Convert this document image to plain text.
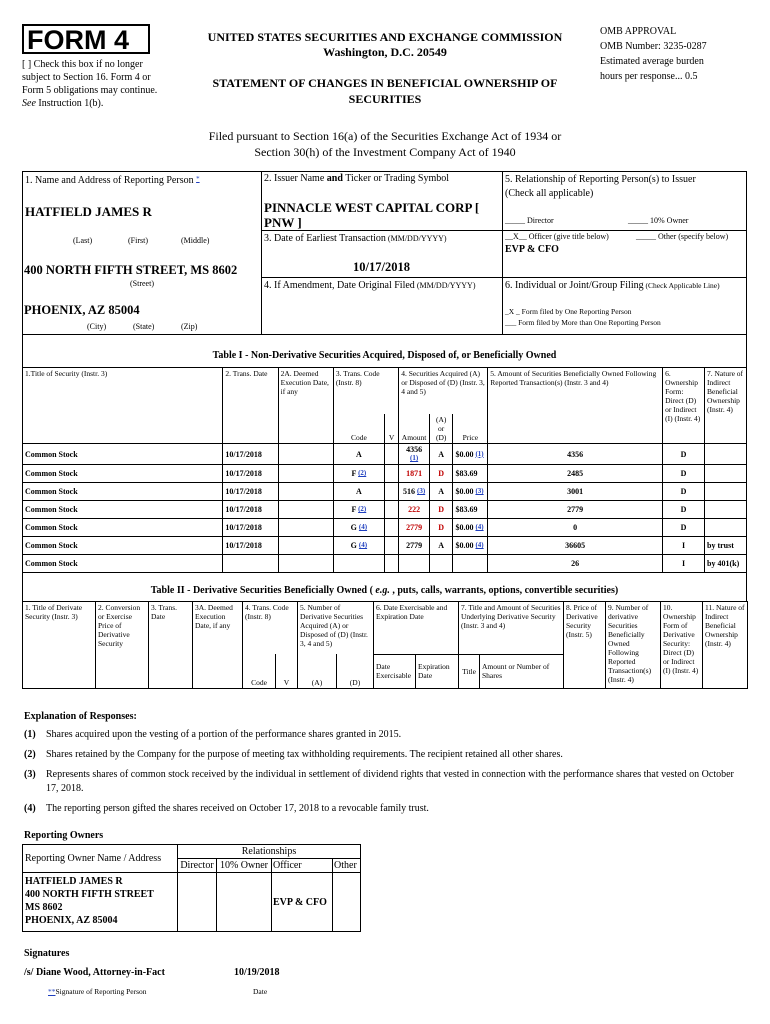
FORM 4
[ ] Check this box if no longer subject to Section 16. Form 4 or Form 5 obligations may continue. See Instruction 1(b).
UNITED STATES SECURITIES AND EXCHANGE COMMISSION
Washington, D.C. 20549
STATEMENT OF CHANGES IN BENEFICIAL OWNERSHIP OF SECURITIES
OMB APPROVAL
OMB Number: 3235-0287
Estimated average burden
hours per response... 0.5
Filed pursuant to Section 16(a) of the Securities Exchange Act of 1934 or
Section 30(h) of the Investment Company Act of 1940
1. Name and Address of Reporting Person *
HATFIELD JAMES R
(Last)	(First)	(Middle)
400 NORTH FIFTH STREET, MS 8602
(Street)
PHOENIX, AZ 85004
(City)	(State)	(Zip)
2. Issuer Name and Ticker or Trading Symbol
PINNACLE WEST CAPITAL CORP [ PNW ]
3. Date of Earliest Transaction (MM/DD/YYYY)
10/17/2018
4. If Amendment, Date Original Filed (MM/DD/YYYY)
5. Relationship of Reporting Person(s) to Issuer
(Check all applicable)
_____ Director	_____ 10% Owner
__X__ Officer (give title below)	_____ Other (specify below)
EVP & CFO
6. Individual or Joint/Group Filing (Check Applicable Line)
_X _ Form filed by One Reporting Person
___ Form filed by More than One Reporting Person
Table I - Non-Derivative Securities Acquired, Disposed of, or Beneficially Owned
1.Title of Security (Instr. 3)	2. Trans. Date	2A. Deemed Execution Date, if any	3. Trans. Code (Instr. 8)		4. Securities Acquired (A) or Disposed of (D) (Instr. 3, 4 and 5)			5. Amount of Securities Beneficially Owned Following Reported Transaction(s) (Instr. 3 and 4)	6. Ownership Form: Direct (D) or Indirect (I) (Instr. 4)	7. Nature of Indirect Beneficial Ownership (Instr. 4)
			Code	V	Amount	(A) or (D)	Price			
Common Stock	10/17/2018		A		4356 (1)	A	$0.00 (1)	4356	D	
Common Stock	10/17/2018		F (2)		1871	D	$83.69	2485	D	
Common Stock	10/17/2018		A		516 (3)	A	$0.00 (3)	3001	D	
Common Stock	10/17/2018		F (2)		222	D	$83.69	2779	D	
Common Stock	10/17/2018		G (4)		2779	D	$0.00 (4)	0	D	
Common Stock	10/17/2018		G (4)		2779	A	$0.00 (4)	36605	I	by trust
Common Stock								26	I	by 401(k)
Table II - Derivative Securities Beneficially Owned ( e.g. , puts, calls, warrants, options, convertible securities)
1. Title of Derivate Security (Instr. 3)	2. Conversion or Exercise Price of Derivative Security	3. Trans. Date	3A. Deemed Execution Date, if any	4. Trans. Code (Instr. 8)		5. Number of Derivative Securities Acquired (A) or Disposed of (D) (Instr. 3, 4 and 5)		6. Date Exercisable and Expiration Date		7. Title and Amount of Securities Underlying Derivative Security (Instr. 3 and 4)		8. Price of Derivative Security (Instr. 5)	9. Number of derivative Securities Beneficially Owned Following Reported Transaction(s) (Instr. 4)	10. Ownership Form of Derivative Security: Direct (D) or Indirect (I) (Instr. 4)	11. Nature of Indirect Beneficial Ownership (Instr. 4)
				Code	V	(A)	(D)	Date Exercisable	Expiration Date	Title	Amount or Number of Shares				
Explanation of Responses:
(1)	Shares acquired upon the vesting of a portion of the performance shares granted in 2015.
(2)	Shares retained by the Company for the purpose of meeting tax withholding requirements. The recipient retained all other shares.
(3)	Represents shares of common stock received by the individual in settlement of dividend rights that vested in connection with the performance shares that vested on October 17, 2018.
(4)	The reporting person gifted the shares received on October 17, 2018 to a revocable family trust.
Reporting Owners
Reporting Owner Name / Address	Relationships			
	Director	10% Owner	Officer	Other

HATFIELD JAMES R
400 NORTH FIFTH STREET
MS 8602
PHOENIX, AZ 85004			EVP & CFO	
Signatures
/s/ Diane Wood, Attorney-in-Fact	10/19/2018
**Signature of Reporting Person	Date
